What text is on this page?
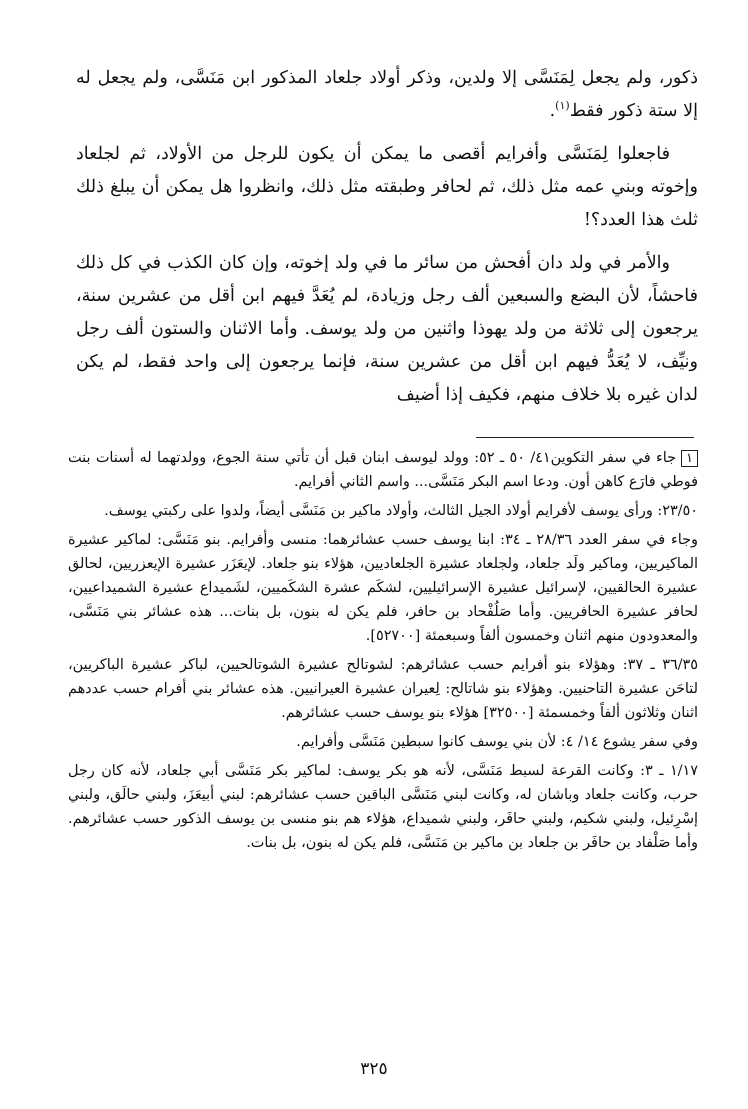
ذكور، ولم يجعل لِمَنَسَّى إلا ولدين، وذكر أولاد جلعاد المذكور ابن مَنَسَّى، ولم يجعل له إلا ستة ذكور فقط$^{(١)}$.

فاجعلوا لِمَنَسَّى وأفرايم أقصى ما يمكن أن يكون للرجل من الأولاد، ثم لجلعاد وإخوته وبني عمه مثل ذلك، ثم لحافر وطبقته مثل ذلك، وانظروا هل يمكن أن يبلغ ذلك ثلث هذا العدد؟!

والأمر في ولد دان أفحش من سائر ما في ولد إخوته، وإن كان الكذب في كل ذلك فاحشاً، لأن البضع والسبعين ألف رجل وزيادة، لم يُعَدَّ فيهم ابن أقل من عشرين سنة، يرجعون إلى ثلاثة من ولد يهوذا واثنين من ولد يوسف. وأما الاثنان والستون ألف رجل ونيِّف، لا يُعَدُّ فيهم ابن أقل من عشرين سنة، فإنما يرجعون إلى واحد فقط، لم يكن لدان غيره بلا خلاف منهم، فكيف إذا أضيف

١جاء في سفر التكوين٤١/ ٥٠ ـ ٥٢: وولد ليوسف ابنان قبل أن تأتي سنة الجوع، وولدتهما له أسنات بنت فوطي فارَع كاهن أون. ودعا اسم البكر مَنَسَّى... واسم الثاني أفرايم.

٢٣/٥٠: ورأى يوسف لأفرايم أولاد الجيل الثالث، وأولاد ماكير بن مَنَسَّى أيضاً، ولدوا على ركبتي يوسف.

وجاء في سفر العدد ٢٨/٣٦ ـ ٣٤: ابنا يوسف حسب عشائرهما: منسى وأفرايم. بنو مَنَسَّى: لماكير عشيرة الماكيريين، وماكير ولَد جلعاد، ولجلعاد عشيرة الجلعاديين، هؤلاء بنو جلعاد. لإيعَزَر عشيرة الإيعزريين، لحالق عشيرة الحالقيين، لإسرائيل عشيرة الإسرائيليين، لشكَم عشرة الشكَميين، لشَميداع عشيرة الشميداعيين، لحافر عشيرة الحافريين. وأما صَلُفْحاد بن حافر، فلم يكن له بنون، بل بنات... هذه عشائر بني مَنَسَّى، والمعدودون منهم اثنان وخمسون ألفاً وسبعمئة [٥٢٧٠٠].

٣٦/٣٥ ـ ٣٧: وهؤلاء بنو أفرايم حسب عشائرهم: لشوتالح عشيرة الشوتالحيين، لباكر عشيرة الباكريين، لتاحَن عشيرة التاحنيين. وهؤلاء بنو شاتالح: لِعيران عشيرة العيرانيين. هذه عشائر بني أفرام حسب عددهم اثنان وثلاثون ألفاً وخمسمئة [٣٢٥٠٠] هؤلاء بنو يوسف حسب عشائرهم.

وفي سفر يشوع ١٤/ ٤: لأن بني يوسف كانوا سبطين مَنَسَّى وأفرايم.

١/١٧ ـ ٣: وكانت القرعة لسبط مَنَسَّى، لأنه هو بكر يوسف: لماكير بكر مَنَسَّى أبي جلعاد، لأنه كان رجل حرب، وكانت جلعاد وباشان له، وكانت لبني مَنَسَّى الباقين حسب عشائرهم: لبني أبيعَزَ، ولبني حالَق، ولبني إسْرِئيل، ولبني شكيم، ولبني حافَر، ولبني شميداع، هؤلاء هم بنو منسى بن يوسف الذكور حسب عشائرهم. وأما صَلْفاد بن حافَر بن جلعاد بن ماكير بن مَنَسَّى، فلم يكن له بنون، بل بنات.

٣٢٥
